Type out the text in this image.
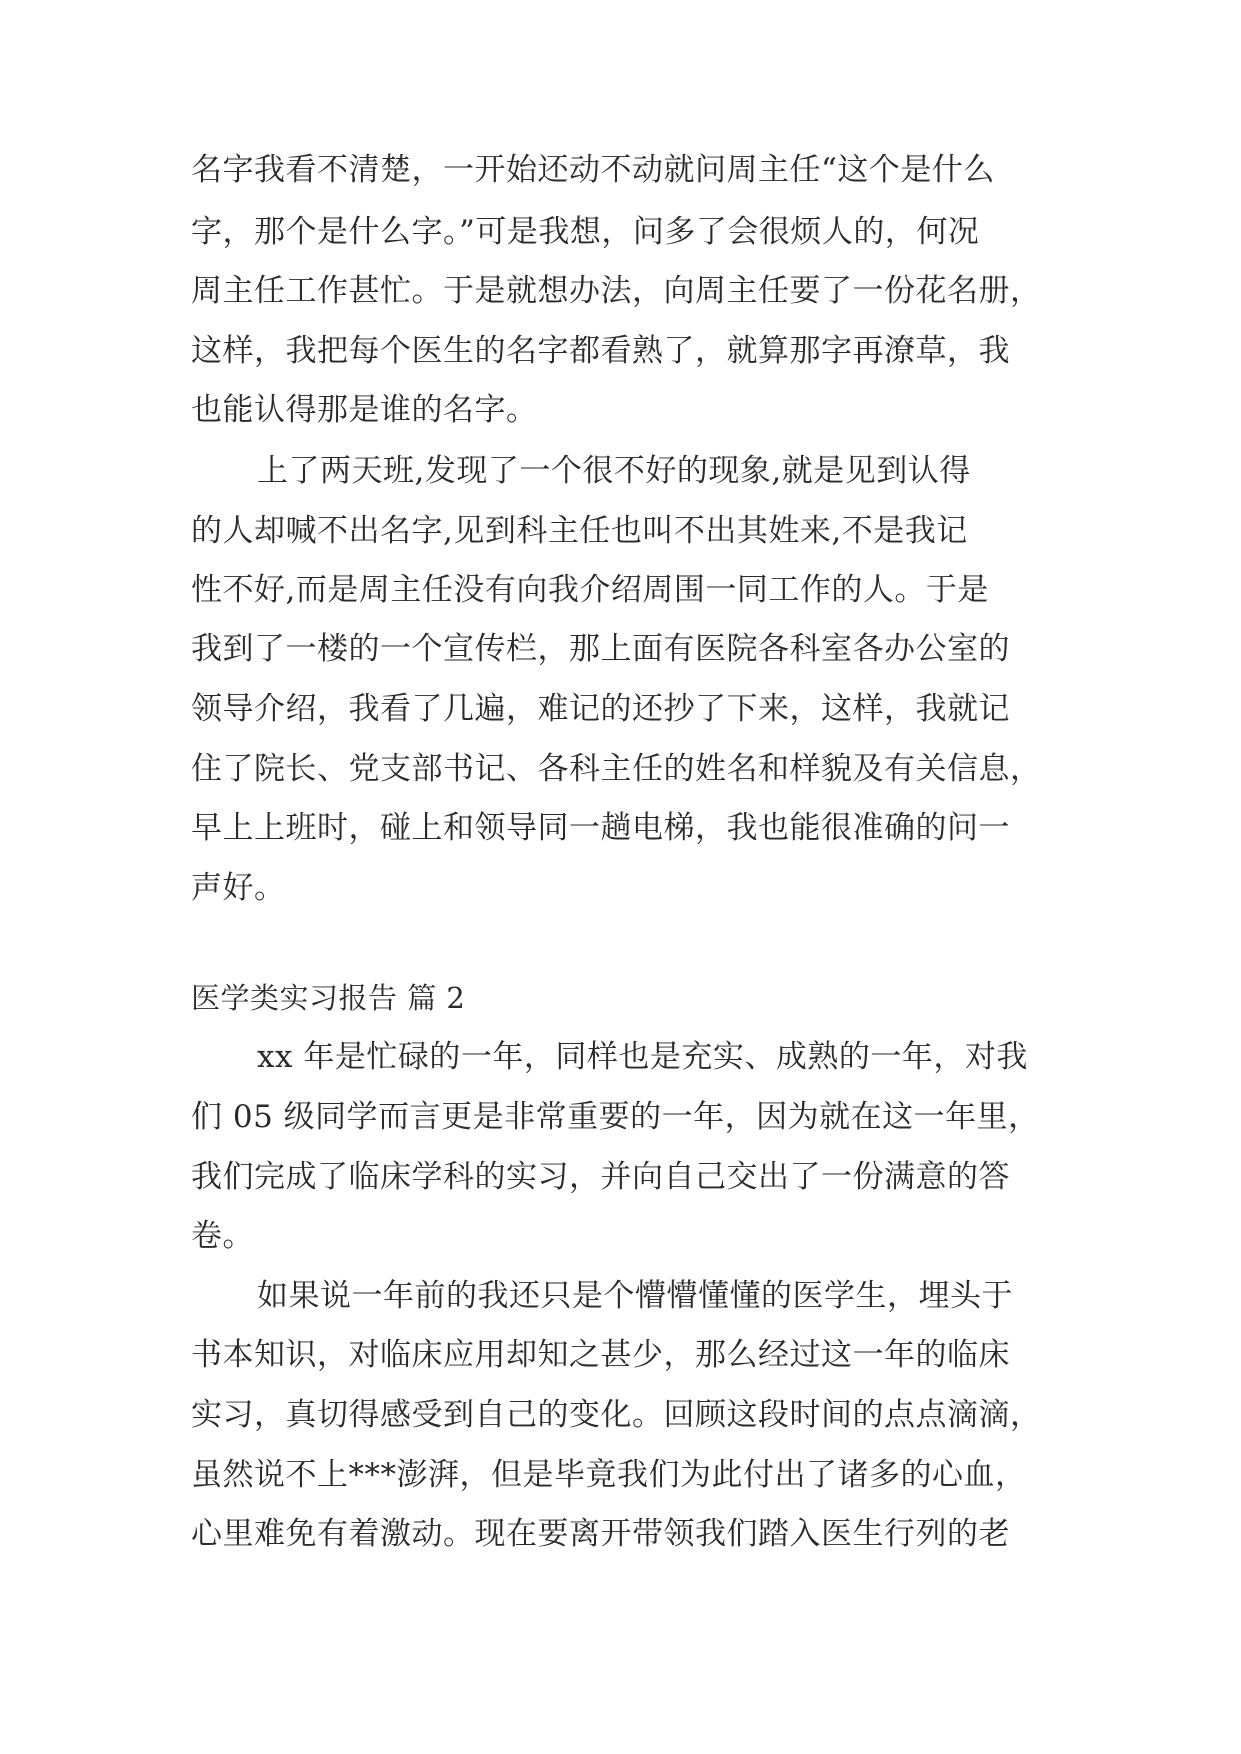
名字我看不清楚，一开始还动不动就问周主任“这个是什么
字，那个是什么字。”可是我想，问多了会很烦人的，何况
周主任工作甚忙。于是就想办法，向周主任要了一份花名册，
这样，我把每个医生的名字都看熟了，就算那字再潦草，我
也能认得那是谁的名字。
上了两天班,发现了一个很不好的现象,就是见到认得
的人却喊不出名字,见到科主任也叫不出其姓来,不是我记
性不好,而是周主任没有向我介绍周围一同工作的人。于是
我到了一楼的一个宣传栏，那上面有医院各科室各办公室的
领导介绍，我看了几遍，难记的还抄了下来，这样，我就记
住了院长、党支部书记、各科主任的姓名和样貌及有关信息，
早上上班时，碰上和领导同一趟电梯，我也能很准确的问一
声好。
医学类实习报告 篇 2
xx 年是忙碌的一年，同样也是充实、成熟的一年，对我
们 05 级同学而言更是非常重要的一年，因为就在这一年里，
我们完成了临床学科的实习，并向自己交出了一份满意的答
卷。
如果说一年前的我还只是个懵懵懂懂的医学生，埋头于
书本知识，对临床应用却知之甚少，那么经过这一年的临床
实习，真切得感受到自己的变化。回顾这段时间的点点滴滴，
虽然说不上***澎湃，但是毕竟我们为此付出了诸多的心血，
心里难免有着激动。现在要离开带领我们踏入医生行列的老
